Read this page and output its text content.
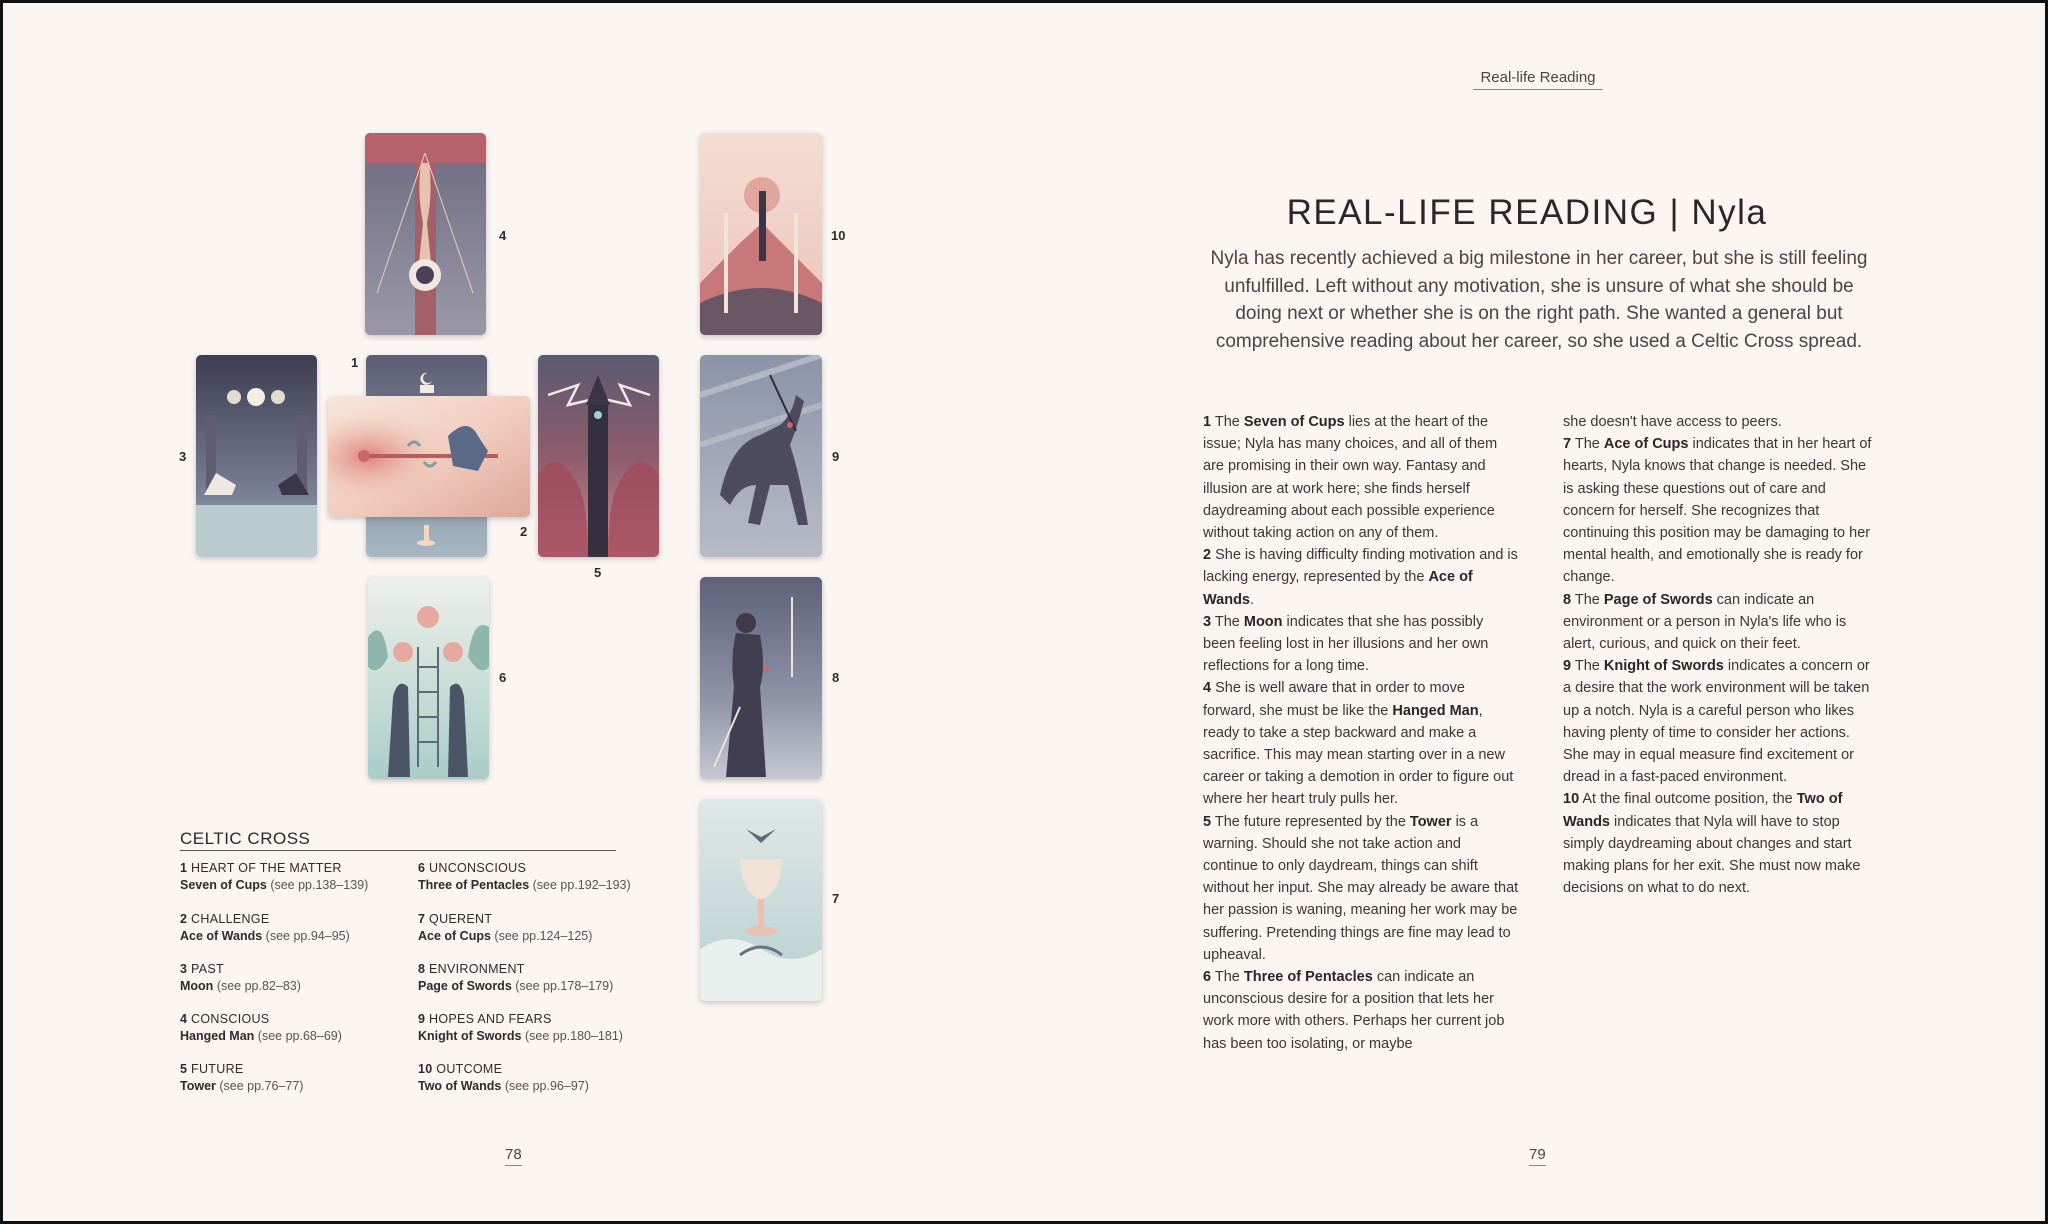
4	10
3
1
2
5
9
6	8
7
CELTIC CROSS
1 HEART OF THE MATTER
Seven of Cups (see pp.138–139)
2 CHALLENGE
Ace of Wands (see pp.94–95)
3 PAST
Moon (see pp.82–83)
4 CONSCIOUS
Hanged Man (see pp.68–69)
5 FUTURE
Tower (see pp.76–77)
6 UNCONSCIOUS
Three of Pentacles (see pp.192–193)
7 QUERENT
Ace of Cups (see pp.124–125)
8 ENVIRONMENT
Page of Swords (see pp.178–179)
9 HOPES AND FEARS
Knight of Swords (see pp.180–181)
10 OUTCOME
Two of Wands (see pp.96–97)
78
Real-life Reading
REAL-LIFE READING | Nyla
Nyla has recently achieved a big milestone in her career, but she is still feeling unfulfilled. Left without any motivation, she is unsure of what she should be doing next or whether she is on the right path. She wanted a general but comprehensive reading about her career, so she used a Celtic Cross spread.

1 The Seven of Cups lies at the heart of the issue; Nyla has many choices, and all of them are promising in their own way. Fantasy and illusion are at work here; she finds herself daydreaming about each possible experience without taking action on any of them.

2 She is having difficulty finding motivation and is lacking energy, represented by the Ace of Wands.

3 The Moon indicates that she has possibly been feeling lost in her illusions and her own reflections for a long time.

4 She is well aware that in order to move forward, she must be like the Hanged Man, ready to take a step backward and make a sacrifice. This may mean starting over in a new career or taking a demotion in order to figure out where her heart truly pulls her.

5 The future represented by the Tower is a warning. Should she not take action and continue to only daydream, things can shift without her input. She may already be aware that her passion is waning, meaning her work may be suffering. Pretending things are fine may lead to upheaval.

6 The Three of Pentacles can indicate an unconscious desire for a position that lets her work more with others. Perhaps her current job has been too isolating, or maybe

she doesn't have access to peers.

7 The Ace of Cups indicates that in her heart of hearts, Nyla knows that change is needed. She is asking these questions out of care and concern for herself. She recognizes that continuing this position may be damaging to her mental health, and emotionally she is ready for change.

8 The Page of Swords can indicate an environment or a person in Nyla's life who is alert, curious, and quick on their feet.

9 The Knight of Swords indicates a concern or a desire that the work environment will be taken up a notch. Nyla is a careful person who likes having plenty of time to consider her actions. She may in equal measure find excitement or dread in a fast-paced environment.

10 At the final outcome position, the Two of Wands indicates that Nyla will have to stop simply daydreaming about changes and start making plans for her exit. She must now make decisions on what to do next.

79
